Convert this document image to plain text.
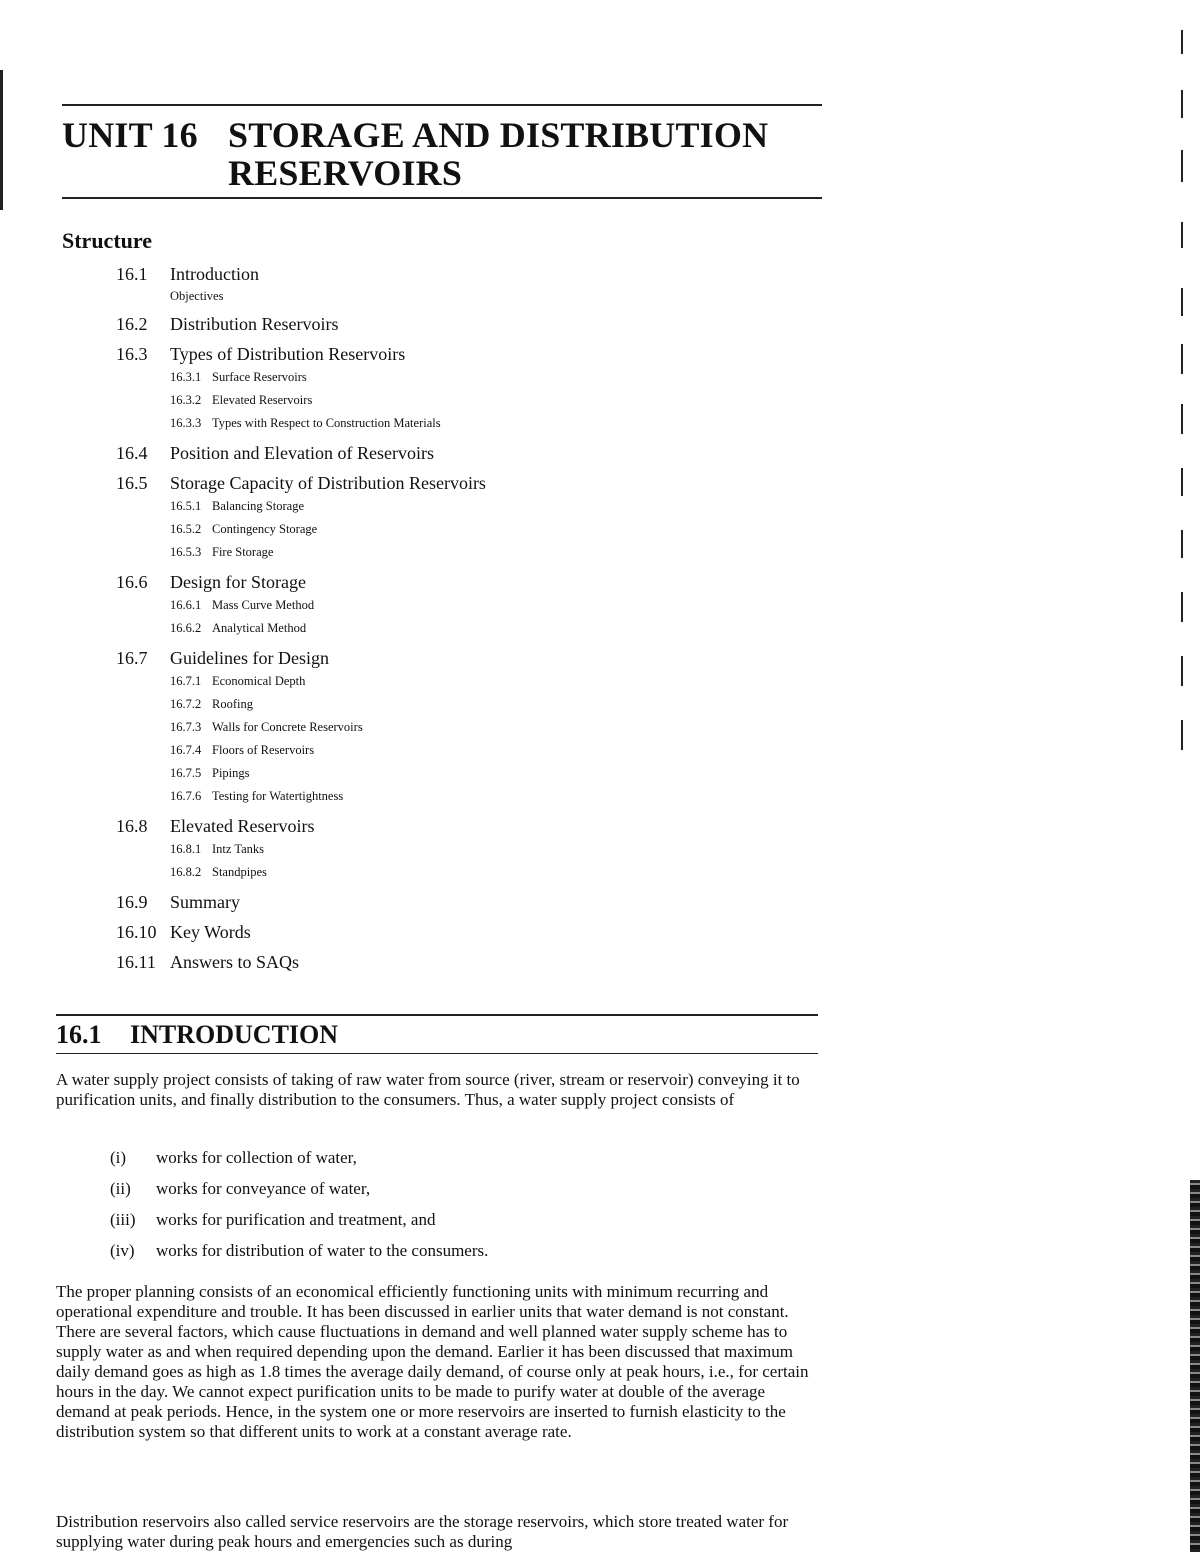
UNIT 16 STORAGE AND DISTRIBUTION
RESERVOIRS
Structure
16.1	Introduction
Objectives
16.2	Distribution Reservoirs
16.3	Types of Distribution Reservoirs
16.3.1 Surface Reservoirs
16.3.2 Elevated Reservoirs
16.3.3 Types with Respect to Construction Materials
16.4	Position and Elevation of Reservoirs
16.5	Storage Capacity of Distribution Reservoirs
16.5.1 Balancing Storage
16.5.2 Contingency Storage
16.5.3 Fire Storage
16.6	Design for Storage
16.6.1 Mass Curve Method
16.6.2 Analytical Method
16.7	Guidelines for Design
16.7.1 Economical Depth
16.7.2 Roofing
16.7.3 Walls for Concrete Reservoirs
16.7.4 Floors of Reservoirs
16.7.5 Pipings
16.7.6 Testing for Watertightness
16.8	Elevated Reservoirs
16.8.1 Intz Tanks
16.8.2 Standpipes
16.9	Summary
16.10 Key Words
16.11 Answers to SAQs
16.1 INTRODUCTION
A water supply project consists of taking of raw water from source (river, stream or reservoir) conveying it to purification units, and finally distribution to the consumers. Thus, a water supply project consists of
(i)	works for collection of water,
(ii)	works for conveyance of water,
(iii)	works for purification and treatment, and
(iv)	works for distribution of water to the consumers.
The proper planning consists of an economical efficiently functioning units with minimum recurring and operational expenditure and trouble. It has been discussed in earlier units that water demand is not constant. There are several factors, which cause fluctuations in demand and well planned water supply scheme has to supply water as and when required depending upon the demand. Earlier it has been discussed that maximum daily demand goes as high as 1.8 times the average daily demand, of course only at peak hours, i.e., for certain hours in the day. We cannot expect purification units to be made to purify water at double of the average demand at peak periods. Hence, in the system one or more reservoirs are inserted to furnish elasticity to the distribution system so that different units to work at a constant average rate.
Distribution reservoirs also called service reservoirs are the storage reservoirs, which store treated water for supplying water during peak hours and emergencies such as during
